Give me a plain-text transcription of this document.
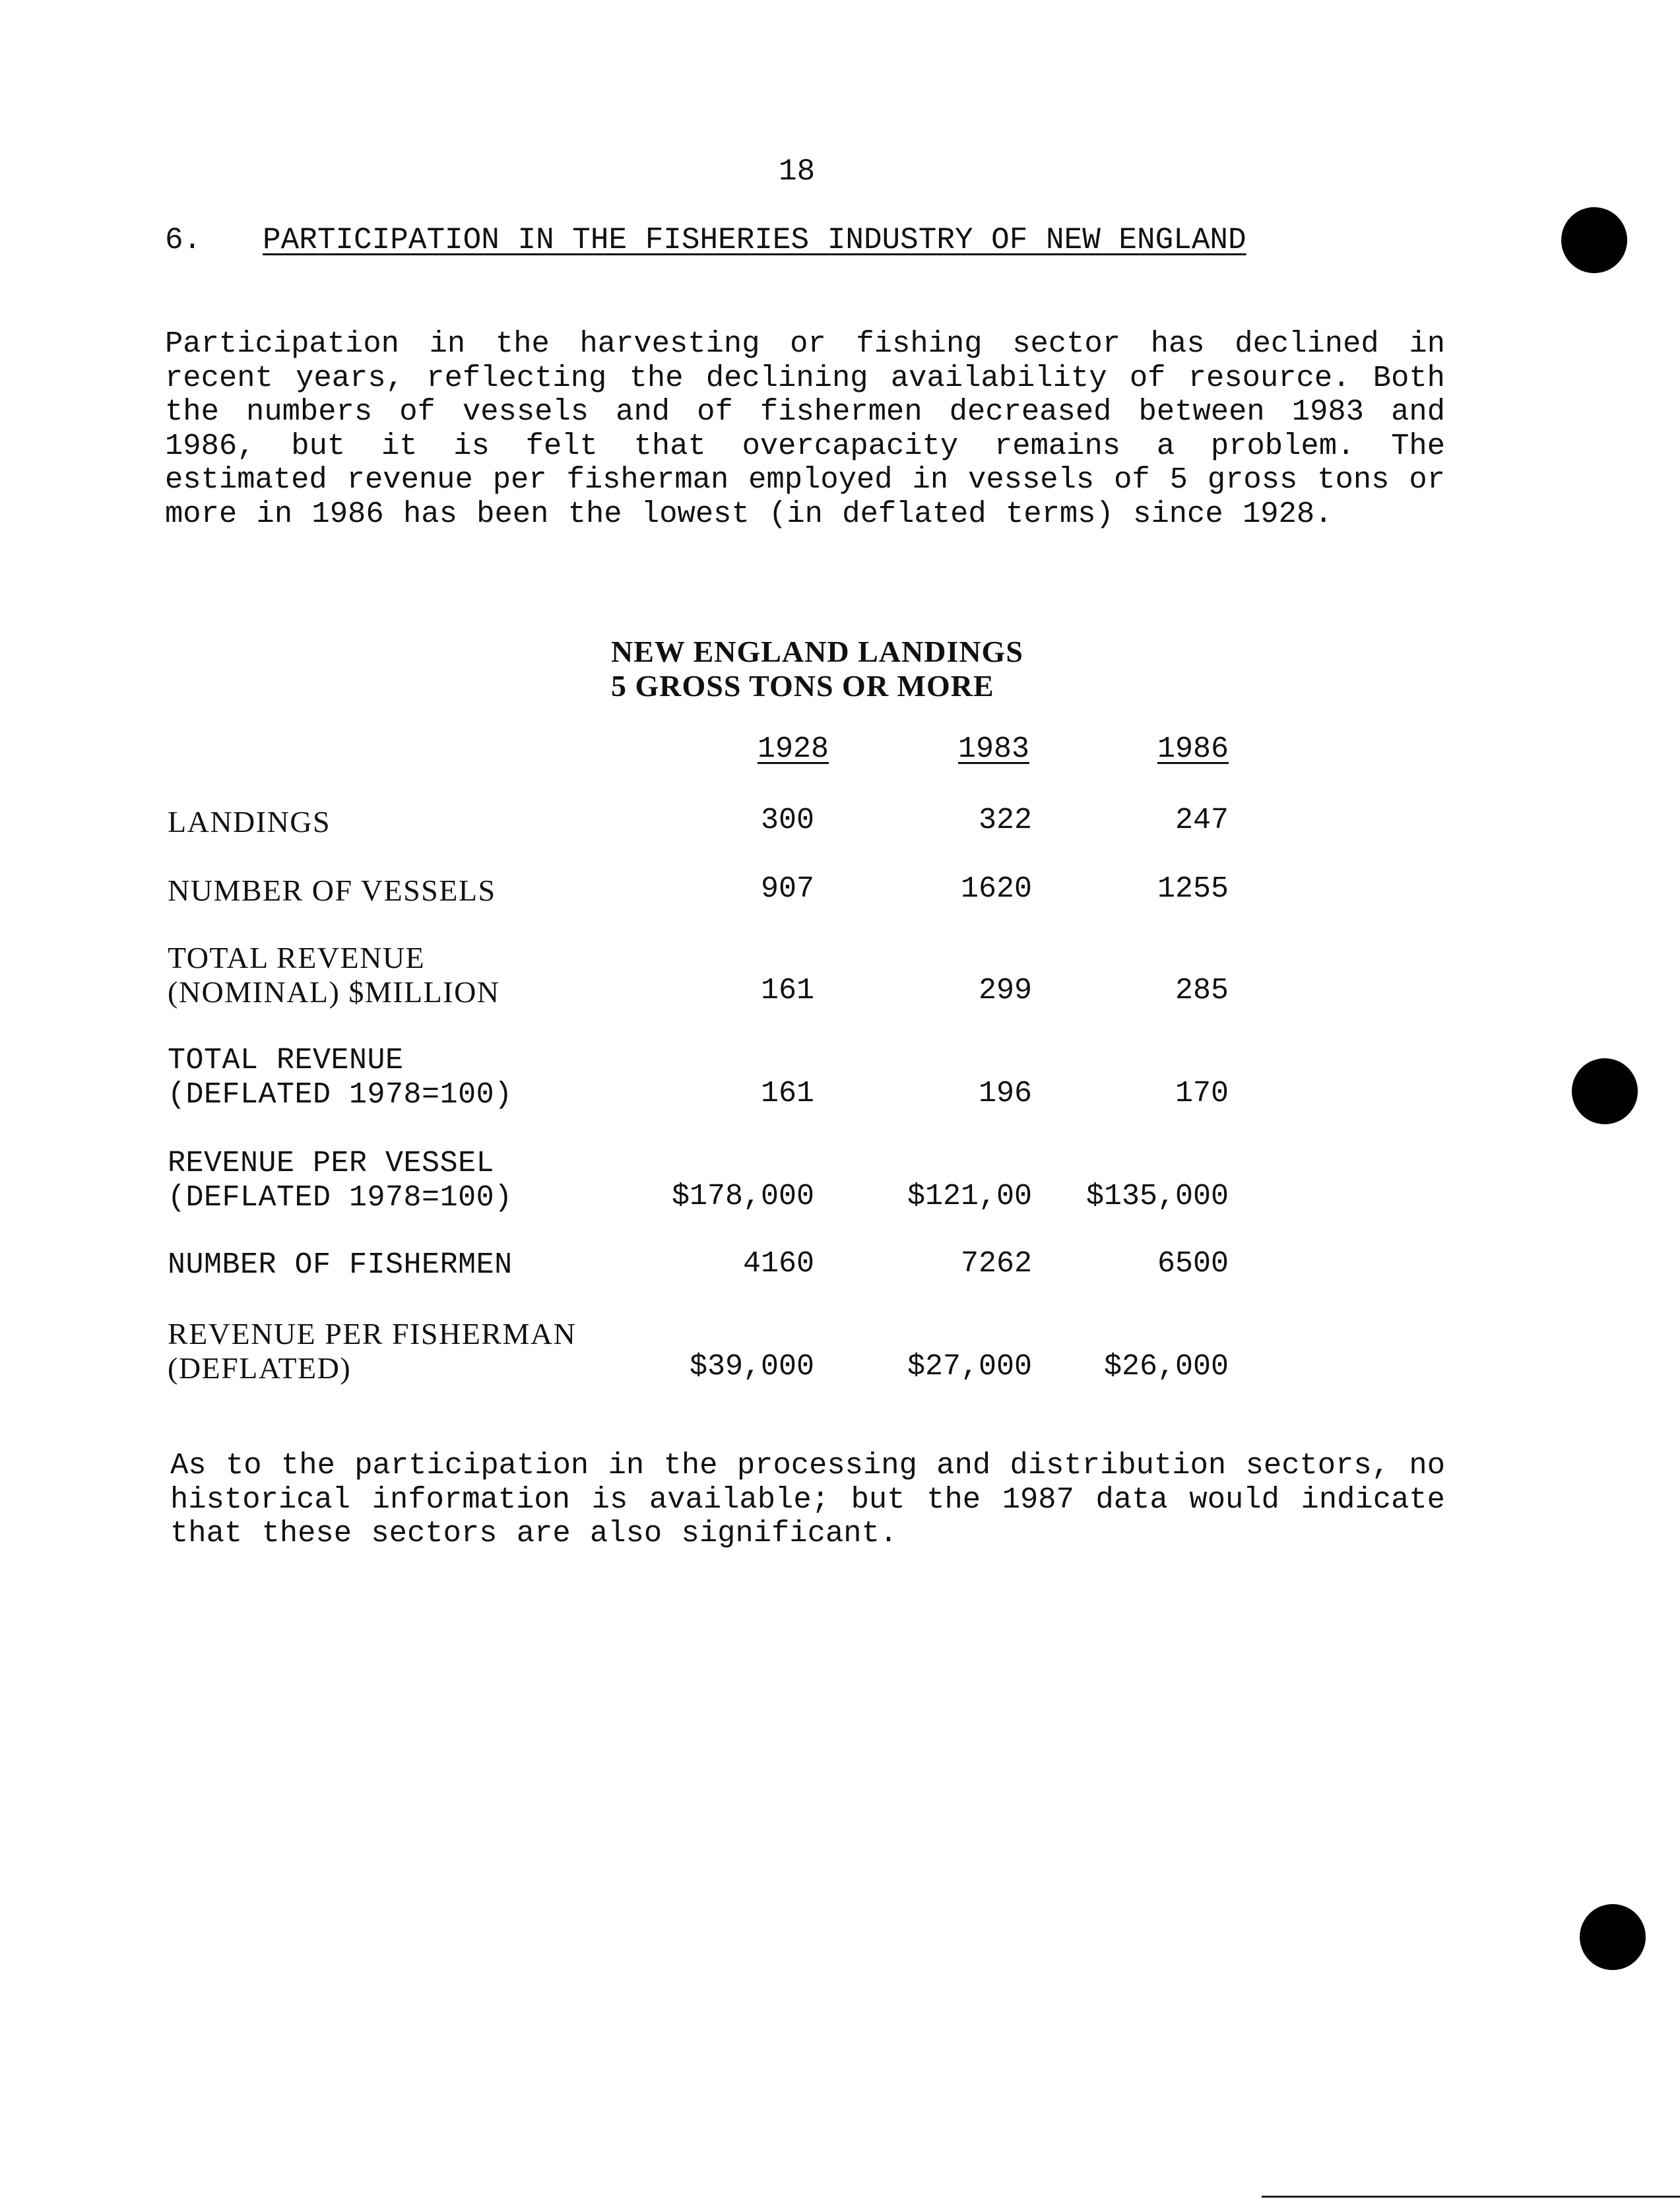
18
6. PARTICIPATION IN THE FISHERIES INDUSTRY OF NEW ENGLAND
Participation in the harvesting or fishing sector has declined in recent years, reflecting the declining availability of resource. Both the numbers of vessels and of fishermen decreased between 1983 and 1986, but it is felt that overcapacity remains a problem. The estimated revenue per fisherman employed in vessels of 5 gross tons or more in 1986 has been the lowest (in deflated terms) since 1928.
NEW ENGLAND LANDINGS
5 GROSS TONS OR MORE
1928	1983	1986
LANDINGS	300	322	247
NUMBER OF VESSELS	907	1620	1255
TOTAL REVENUE
(NOMINAL) $MILLION	161	299	285
TOTAL REVENUE
(DEFLATED 1978=100)	161	196	170
REVENUE PER VESSEL
(DEFLATED 1978=100)	$178,000	$121,00 $135,000
NUMBER OF FISHERMEN	4160	7262	6500
REVENUE PER FISHERMAN
(DEFLATED)	$39,000	$27,000 $26,000
As to the participation in the processing and distribution sectors, no historical information is available; but the 1987 data would indicate that these sectors are also significant.
